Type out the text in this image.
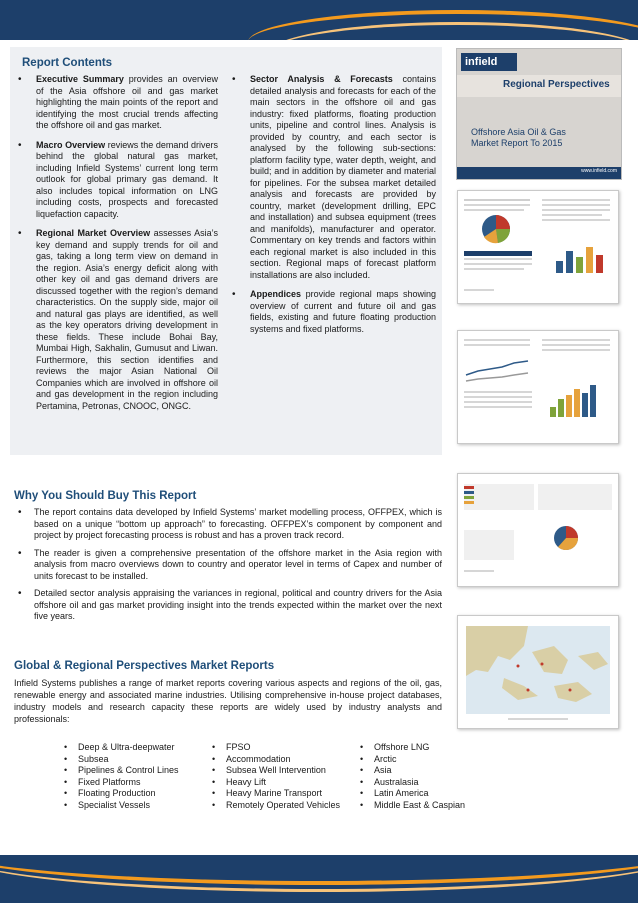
Report Contents
• Executive Summary provides an overview of the Asia offshore oil and gas market highlighting the main points of the report and identifying the most crucial trends affecting the offshore oil and gas market.
• Macro Overview reviews the demand drivers behind the global natural gas market, including Infield Systems’ current long term outlook for global primary gas demand. It also includes topical information on LNG including costs, prospects and forecasted liquefaction capacity.
• Regional Market Overview assesses Asia’s key demand and supply trends for oil and gas, taking a long term view on demand in the region. Asia’s energy deficit along with other key oil and gas demand drivers are discussed together with the region’s demand characteristics. On the supply side, major oil and natural gas plays are identified, as well as the key operators driving development in these fields. These include Bohai Bay, Mumbai High, Sakhalin, Gumusut and Liwan. Furthermore, this section identifies and reviews the major Asian National Oil Companies which are involved in offshore oil and gas development in the region including Pertamina, Petronas, CNOOC, ONGC.
• Sector Analysis & Forecasts contains detailed analysis and forecasts for each of the main sectors in the offshore oil and gas industry: fixed platforms, floating production units, pipeline and control lines. Analysis is provided by country, and each sector is analysed by the following sub-sections: platform facility type, water depth, weight, and build; and in addition by diameter and material for pipelines. For the subsea market detailed analysis and forecasts are provided by country, market (development drilling, EPC and installation) and subsea equipment (trees and manifolds), manufacturer and operator. Commentary on key trends and factors within each regional market is also included in this section. Regional maps of forecast platform installations are also included.
• Appendices provide regional maps showing overview of current and future oil and gas fields, existing and future floating production systems and fixed platforms.
Why You Should Buy This Report
• The report contains data developed by Infield Systems’ market modelling process, OFFPEX, which is based on a unique “bottom up approach” to forecasting. OFFPEX’s component by component and project by project forecasting process is robust and has a proven track record.
• The reader is given a comprehensive presentation of the offshore market in the Asia region with analysis from macro overviews down to country and operator level in terms of Capex and number of units forecast to be installed.
• Detailed sector analysis appraising the variances in regional, political and country drivers for the Asia offshore oil and gas market providing insight into the trends expected within the market over the next five years.
Global & Regional Perspectives Market Reports

Infield Systems publishes a range of market reports covering various aspects and regions of the oil, gas, renewable energy and associated marine industries. Utilising comprehensive in-house project databases, industry models and research capacity these reports are widely used by industry analysts and professionals:

• Deep & Ultra-deepwater
• Subsea
• Pipelines & Control Lines
• Fixed Platforms
• Floating Production
• Specialist Vessels
• FPSO
• Accommodation
• Subsea Well Intervention
• Heavy Lift
• Heavy Marine Transport
• Remotely Operated Vehicles
• Offshore LNG
• Arctic
• Asia
• Australasia
• Latin America
• Middle East & Caspian
infield
Regional Perspectives
Offshore Asia Oil & Gas
Market Report To 2015
www.infield.com
